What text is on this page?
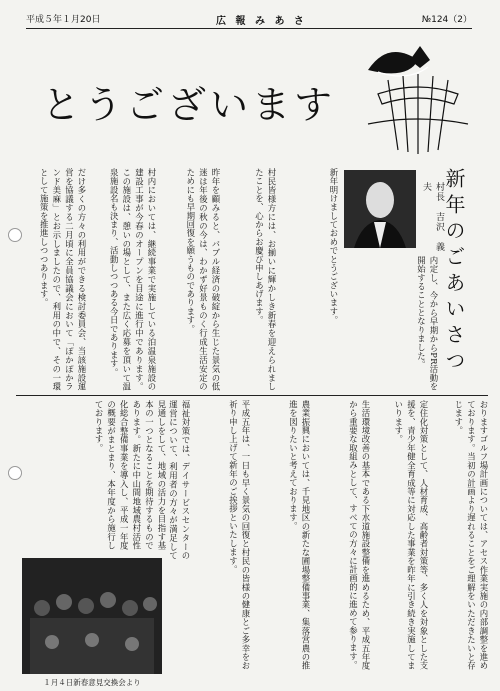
平成５年１月20日	広 報 み あ さ	№124（2）
とうございます
村長　吉沢　義夫 新年のごあいさつ
内定し、今から早期からPR活動を開始することとなりました。
新年明けましておめでとうございます。
村民皆様方には、お揃いに輝かしき新春を迎えられましたことを、心からお慶び申しあげます。
昨年を顧みると、バブル経済の破綻から生じた景気の低迷は年後の秋の今は、わかず好景ものく行成生活安定のためにも早期回復を願うものであります。
村内においては、継続事業で実施している泊温泉施設の建設工事が今春のオープンを目途に進行中であります。この施設は、憩いの場として、また広く応募を頂いて温泉施設名も決まり、活動しつつある今日であります。
だけ多くの方々の利用ができる検討委員会、当該施設運営を協議する二月頃に全員協議会において「ぽかぽかランド美麻」とお示しましたので、利用の中で、その一環として施策を推進しつつあります。
おりますゴルフ場計画については、アセス作業実施の内部調整を進めております。当初の計画より遅れることをご理解をいただきたいと存じます。
定住化対策として、人材育成、高齢者対策等、多く人を対象とした支援を、青少年健全育成等に対応した事業を昨年に引き続き実施してまいります。
生活環境改善の基本である下水道施設整備を進めるため、平成五年度から重要な取組みとして、すべての方々に計画的に進めて参ります。
農業振興においては、千見地区の新たな圃場整備事業、集落営農の推進を図りたいと考えております。
平成五年は、一日も早く景気の回復と村民の皆様の健康とご多幸をお祈り申し上げて新年のご挨拶といたします。
福祉対策では、デイサービスセンターの運営について、利用者の方々が満足して
見通しをして、地域の活力を目指す基本の一つとなることを期待するものであります。新たに中山間地域農村活性化総合整備事業を導入し、平成一年度の概要がまとまり、本年度から施行しております。
１月４日新春意見交換会より
